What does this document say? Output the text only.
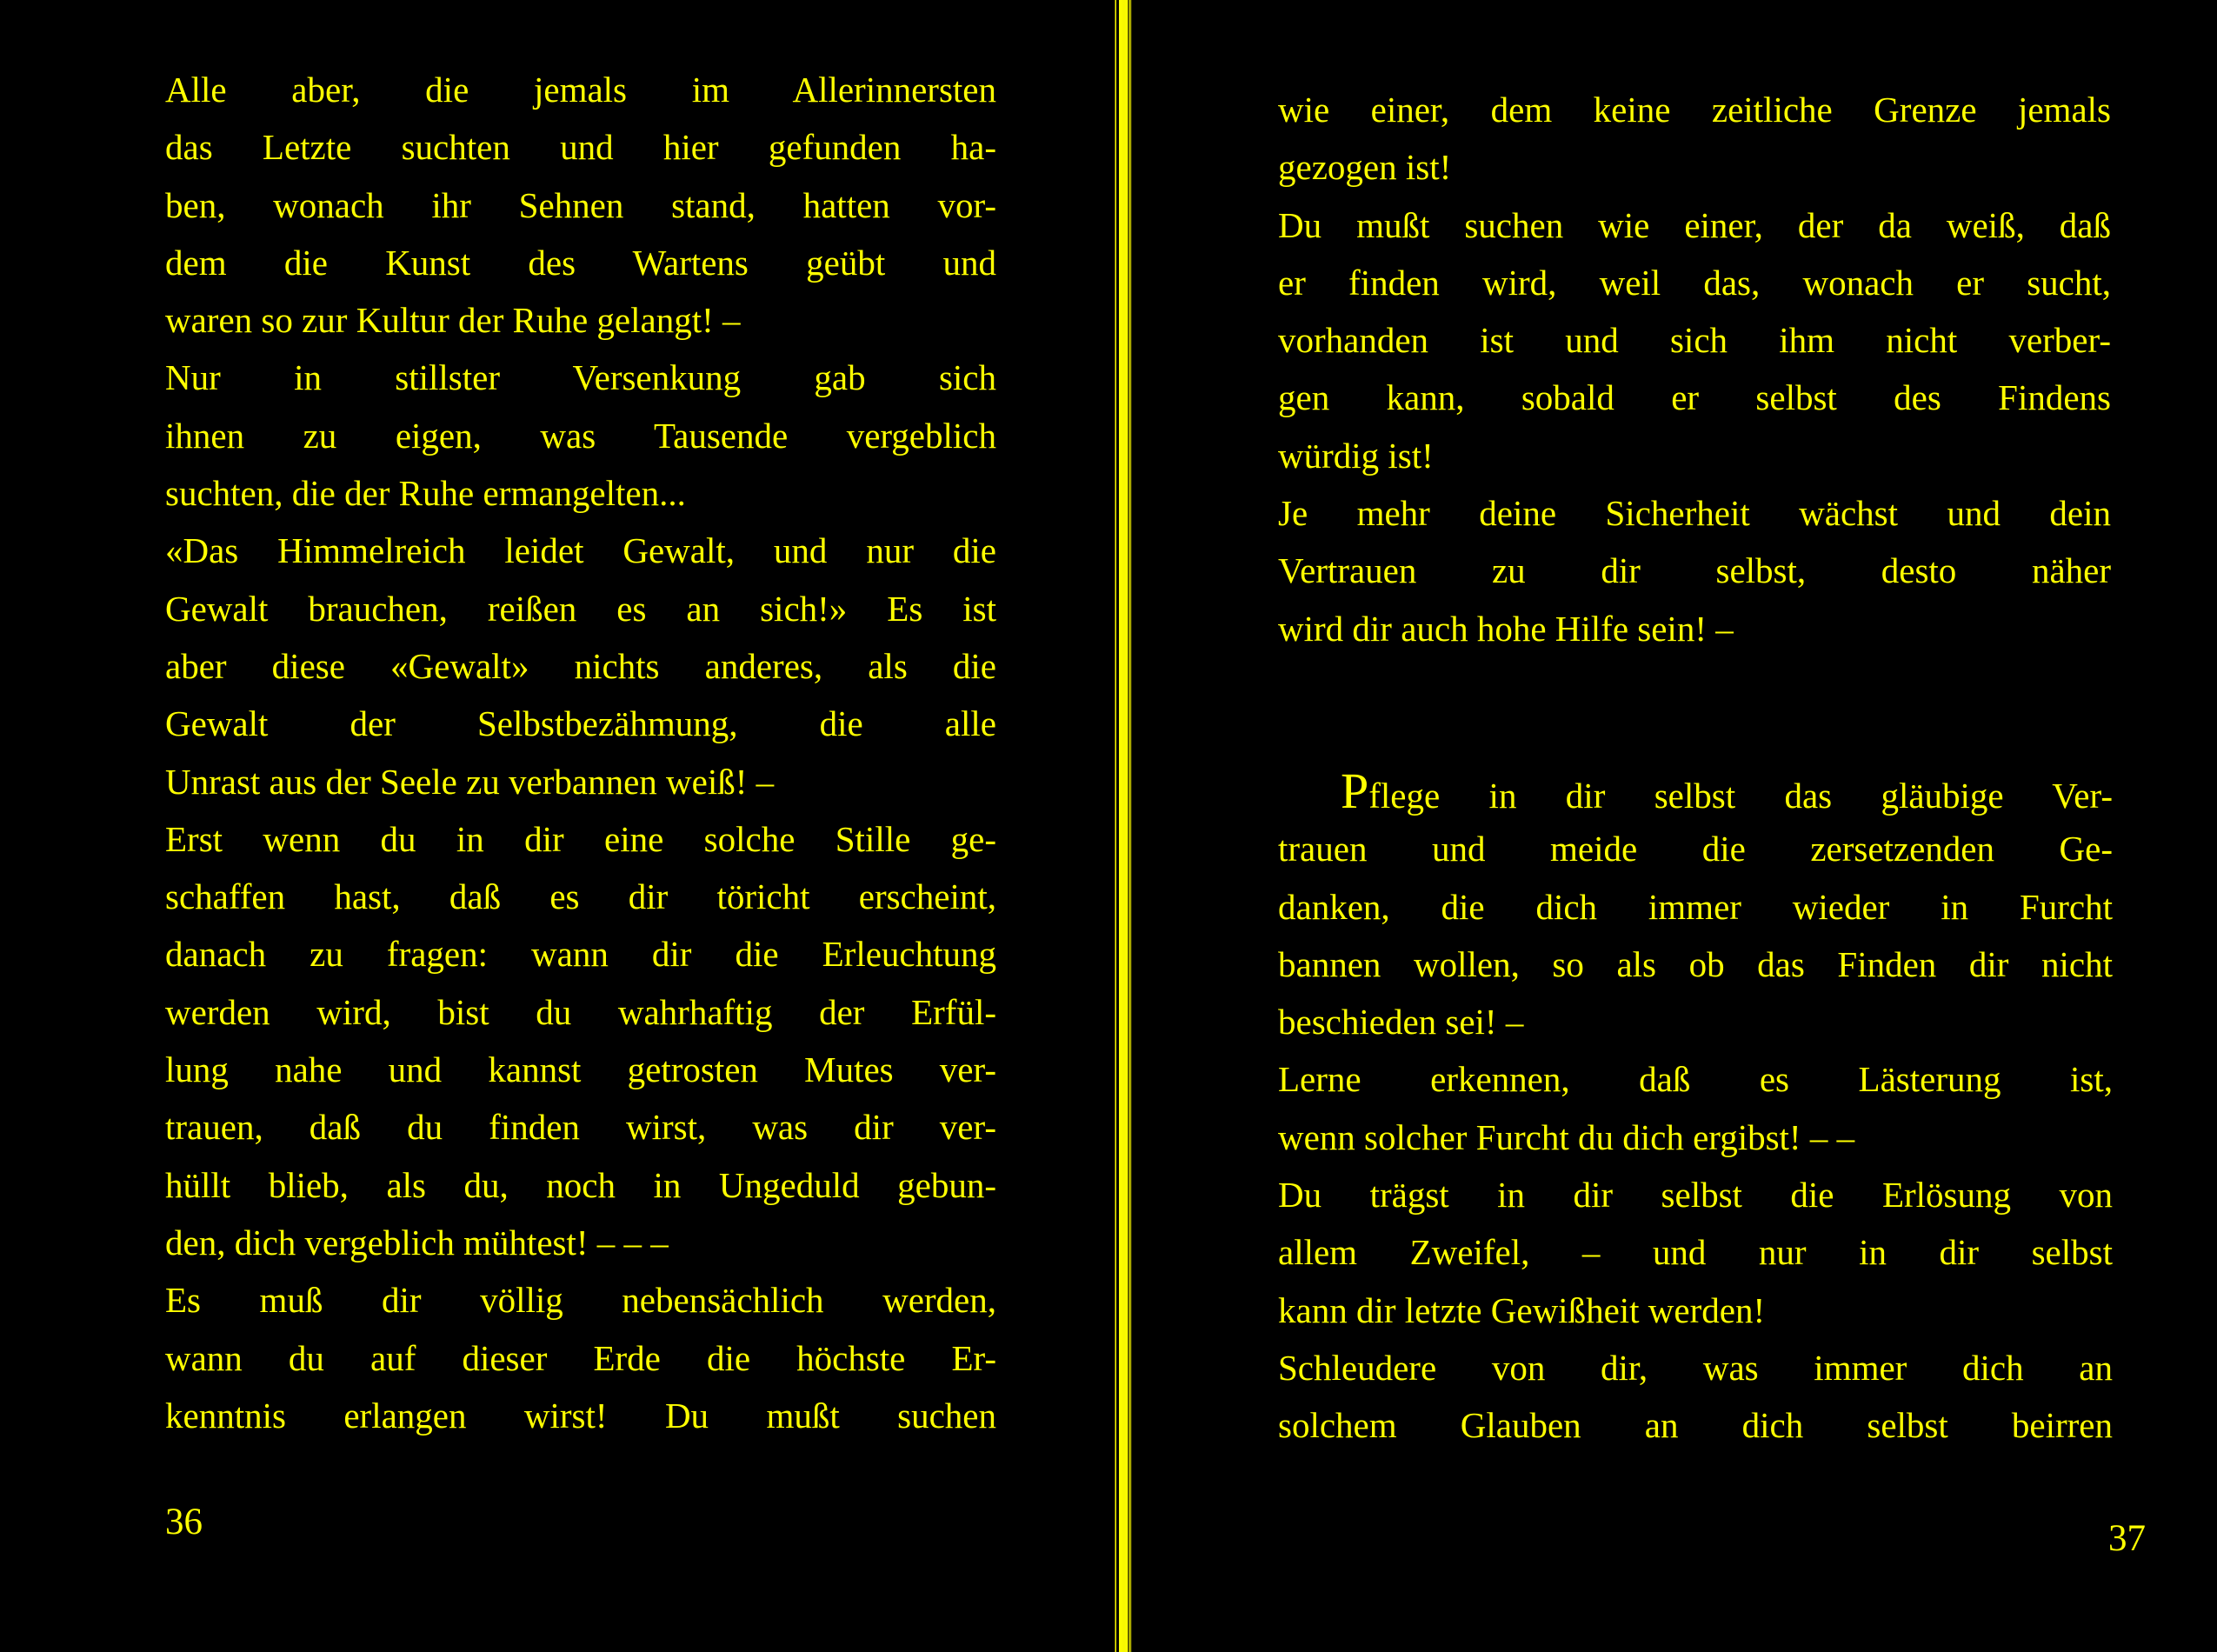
Alle aber, die jemals im Allerinnersten
das Letzte suchten und hier gefunden ha-
ben, wonach ihr Sehnen stand, hatten vor-
dem die Kunst des Wartens geübt und
waren so zur Kultur der Ruhe gelangt! –
Nur in stillster Versenkung gab sich
ihnen zu eigen, was Tausende vergeblich
suchten, die der Ruhe ermangelten...
«Das Himmelreich leidet Gewalt, und nur die
Gewalt brauchen, reißen es an sich!» Es ist
aber diese «Gewalt» nichts anderes, als die
Gewalt der Selbstbezähmung, die alle
Unrast aus der Seele zu verbannen weiß! –
Erst wenn du in dir eine solche Stille ge-
schaffen hast, daß es dir töricht erscheint,
danach zu fragen: wann dir die Erleuchtung
werden wird, bist du wahrhaftig der Erfül-
lung nahe und kannst getrosten Mutes ver-
trauen, daß du finden wirst, was dir ver-
hüllt blieb, als du, noch in Ungeduld gebun-
den, dich vergeblich mühtest! – – –
Es muß dir völlig nebensächlich werden,
wann du auf dieser Erde die höchste Er-
kenntnis erlangen wirst! Du mußt suchen
36
wie einer, dem keine zeitliche Grenze jemals
gezogen ist!
Du mußt suchen wie einer, der da weiß, daß
er finden wird, weil das, wonach er sucht,
vorhanden ist und sich ihm nicht verber-
gen kann, sobald er selbst des Findens
würdig ist!
Je mehr deine Sicherheit wächst und dein
Vertrauen zu dir selbst, desto näher
wird dir auch hohe Hilfe sein! –
Pflege in dir selbst das gläubige Ver-
trauen und meide die zersetzenden Ge-
danken, die dich immer wieder in Furcht
bannen wollen, so als ob das Finden dir nicht
beschieden sei! –
Lerne erkennen, daß es Lästerung ist,
wenn solcher Furcht du dich ergibst! – –
Du trägst in dir selbst die Erlösung von
allem Zweifel, – und nur in dir selbst
kann dir letzte Gewißheit werden!
Schleudere von dir, was immer dich an
solchem Glauben an dich selbst beirren
37
